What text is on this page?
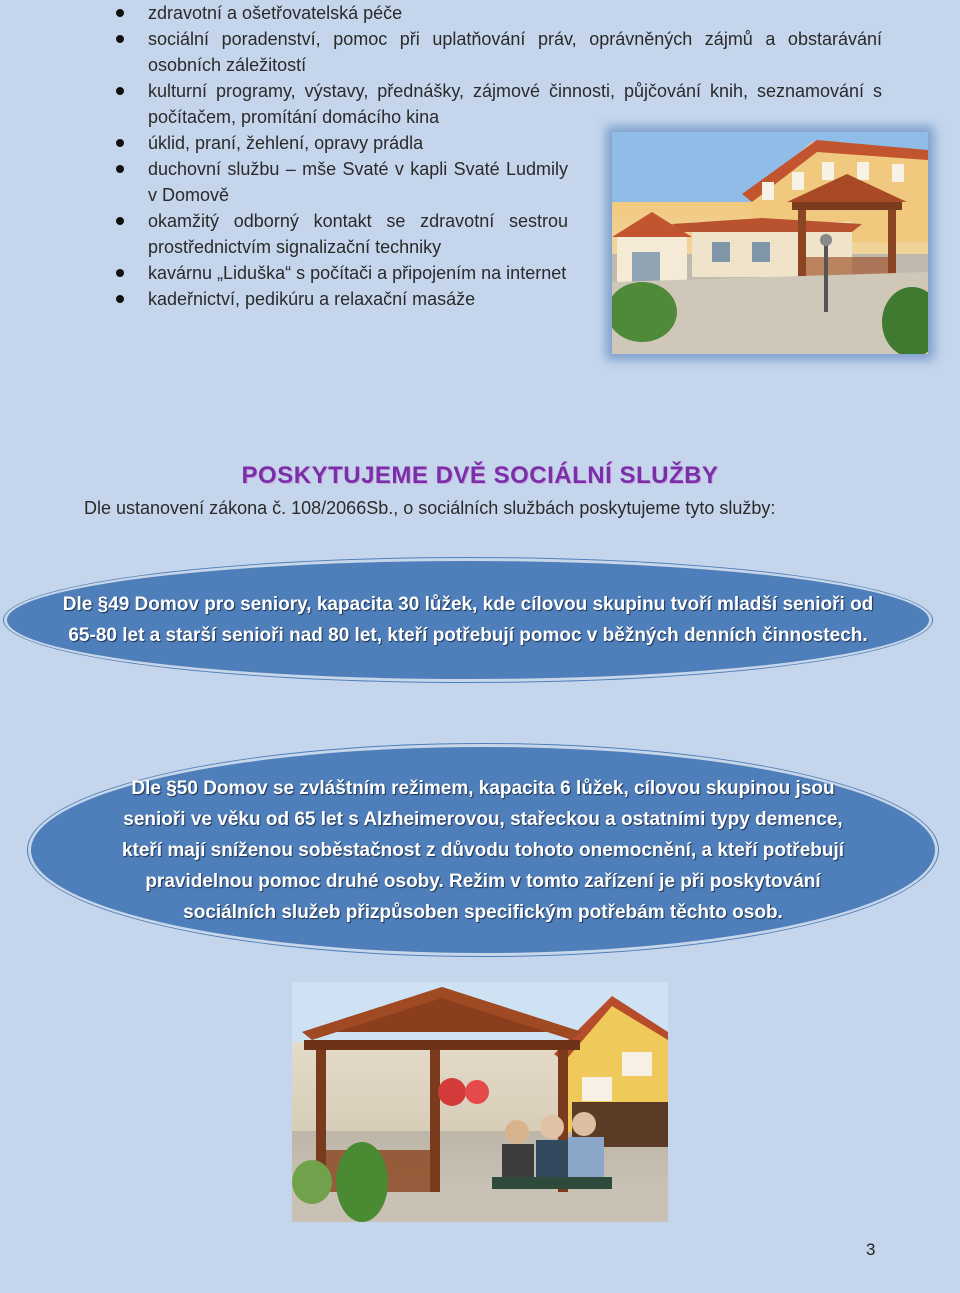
zdravotní a ošetřovatelská péče
sociální poradenství, pomoc při uplatňování práv, oprávněných zájmů a obstarávání osobních záležitostí
kulturní programy, výstavy, přednášky, zájmové činnosti, půjčování knih, seznamování s počítačem, promítání domácího kina
úklid, praní, žehlení, opravy prádla
duchovní službu – mše Svaté v kapli Svaté Ludmily v Domově
okamžitý odborný kontakt se zdravotní sestrou prostřednictvím signalizační techniky
kavárnu „Liduška“ s počítači a připojením na internet
kadeřnictví, pedikúru a relaxační masáže
POSKYTUJEME DVĚ SOCIÁLNÍ SLUŽBY
Dle ustanovení zákona č. 108/2066Sb., o sociálních službách poskytujeme tyto služby:
Dle §49 Domov pro seniory, kapacita 30 lůžek, kde cílovou skupinu tvoří mladší senioři od 65-80 let a starší senioři nad 80 let, kteří potřebují pomoc v běžných denních činnostech.
Dle §50 Domov se zvláštním režimem, kapacita 6 lůžek, cílovou skupinou jsou senioři ve věku od 65 let s Alzheimerovou, stařeckou a ostatními typy demence, kteří mají sníženou soběstačnost z důvodu tohoto onemocnění, a kteří potřebují pravidelnou pomoc druhé osoby. Režim v tomto zařízení je při poskytování sociálních služeb přizpůsoben specifickým potřebám těchto osob.
3
